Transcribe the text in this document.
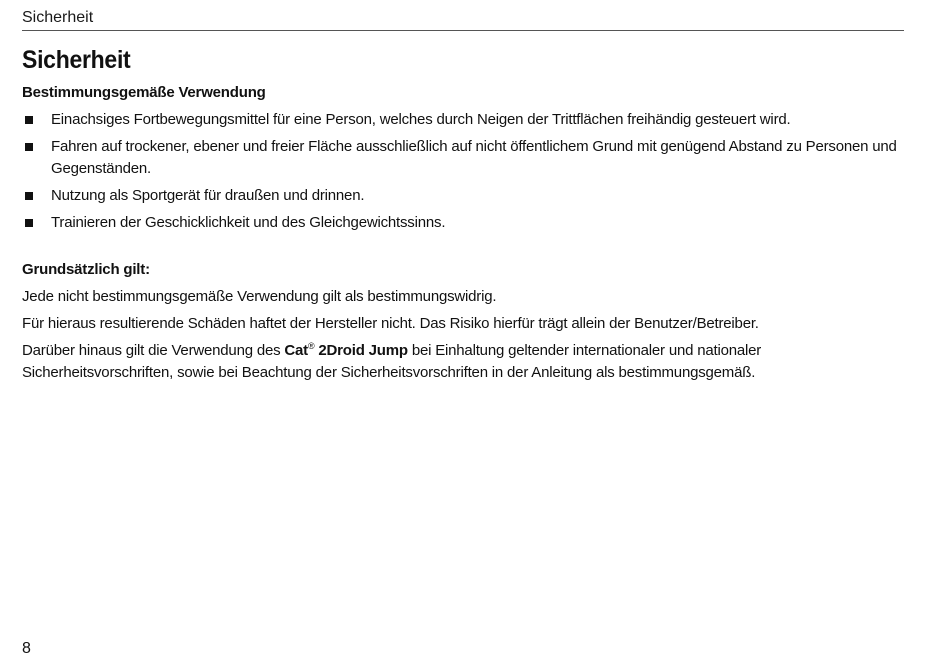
Sicherheit
Sicherheit
Bestimmungsgemäße Verwendung
Einachsiges Fortbewegungsmittel für eine Person, welches durch Neigen der Trittflächen freihändig gesteuert wird.
Fahren auf trockener, ebener und freier Fläche ausschließlich auf nicht öffentlichem Grund mit genügend Abstand zu Personen und Gegenständen.
Nutzung als Sportgerät für draußen und drinnen.
Trainieren der Geschicklichkeit und des Gleichgewichtssinns.
Grundsätzlich gilt:

Jede nicht bestimmungsgemäße Verwendung gilt als bestimmungswidrig.

Für hieraus resultierende Schäden haftet der Hersteller nicht. Das Risiko hierfür trägt allein der Benutzer/Betreiber.

Darüber hinaus gilt die Verwendung des Cat® 2Droid Jump bei Einhaltung geltender internationaler und nationaler Sicherheitsvorschriften, sowie bei Beachtung der Sicherheitsvorschriften in der Anleitung als bestimmungsgemäß.

8
